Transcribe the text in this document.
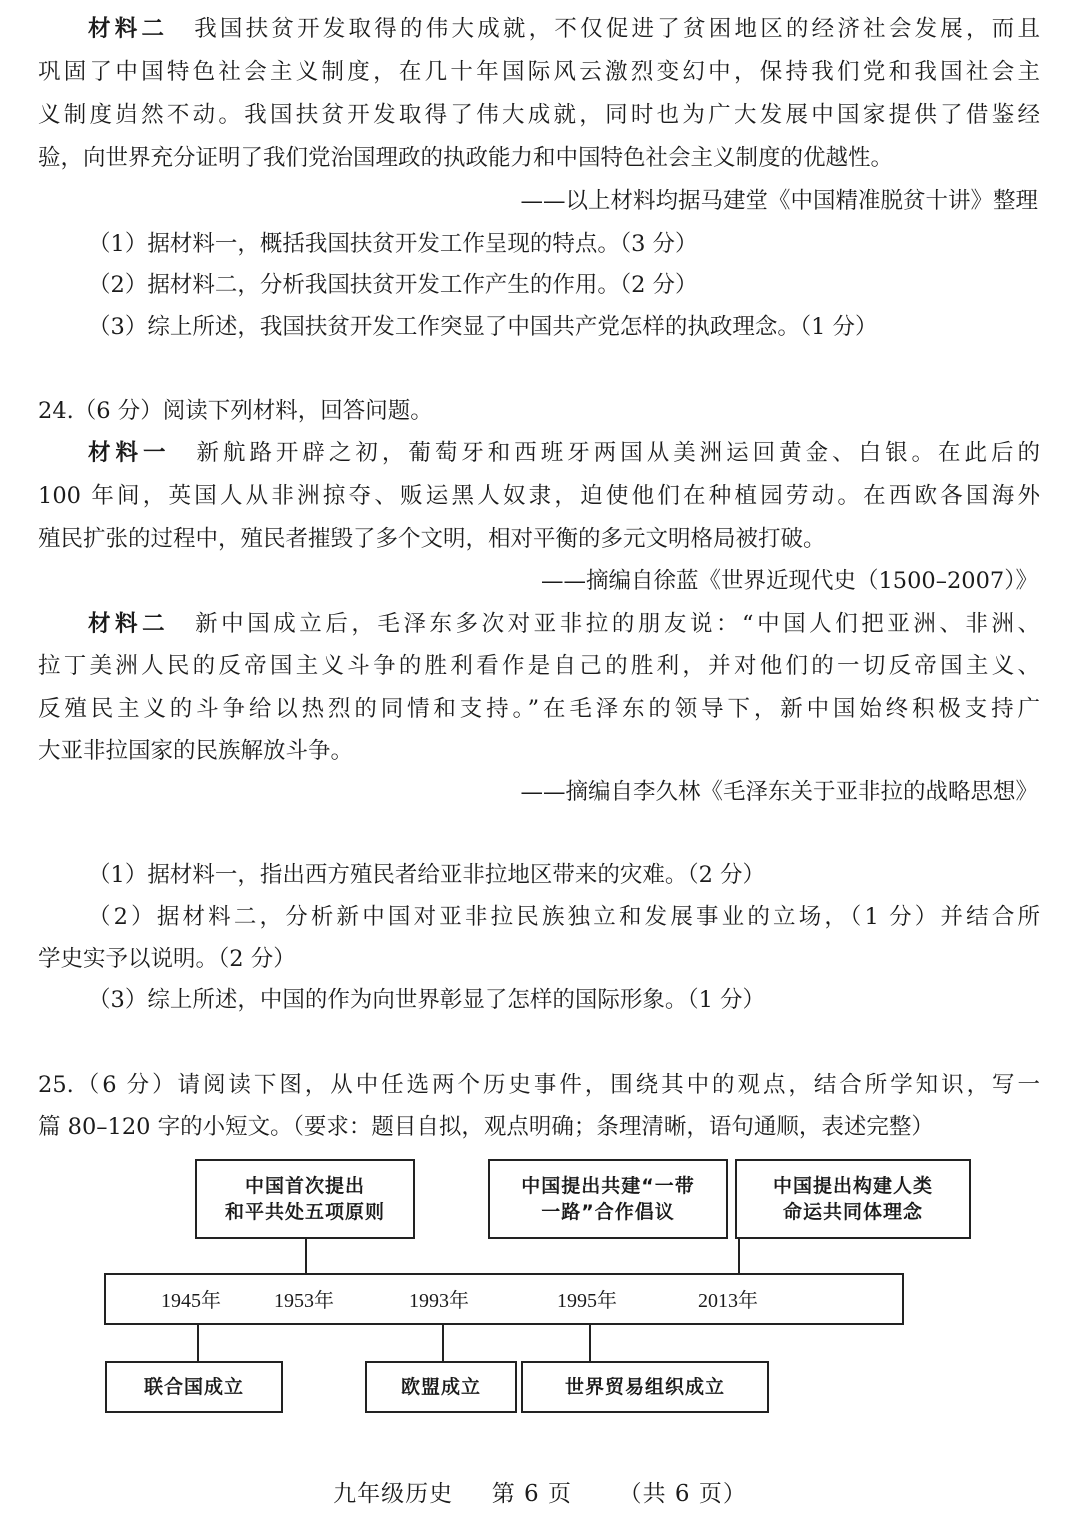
材料二 我国扶贫开发取得的伟大成就，不仅促进了贫困地区的经济社会发展，而且
巩固了中国特色社会主义制度，在几十年国际风云激烈变幻中，保持我们党和我国社会主
义制度岿然不动。我国扶贫开发取得了伟大成就，同时也为广大发展中国家提供了借鉴经
验，向世界充分证明了我们党治国理政的执政能力和中国特色社会主义制度的优越性。
——以上材料均据马建堂《中国精准脱贫十讲》整理
（1）据材料一，概括我国扶贫开发工作呈现的特点。（3 分）
（2）据材料二，分析我国扶贫开发工作产生的作用。（2 分）
（3）综上所述，我国扶贫开发工作突显了中国共产党怎样的执政理念。（1 分）
24.（6 分）阅读下列材料，回答问题。
材料一 新航路开辟之初，葡萄牙和西班牙两国从美洲运回黄金、白银。在此后的
100 年间，英国人从非洲掠夺、贩运黑人奴隶，迫使他们在种植园劳动。在西欧各国海外
殖民扩张的过程中，殖民者摧毁了多个文明，相对平衡的多元文明格局被打破。
——摘编自徐蓝《世界近现代史（1500–2007）》
材料二 新中国成立后，毛泽东多次对亚非拉的朋友说：“中国人们把亚洲、非洲、
拉丁美洲人民的反帝国主义斗争的胜利看作是自己的胜利，并对他们的一切反帝国主义、
反殖民主义的斗争给以热烈的同情和支持。”在毛泽东的领导下，新中国始终积极支持广
大亚非拉国家的民族解放斗争。
——摘编自李久林《毛泽东关于亚非拉的战略思想》
（1）据材料一，指出西方殖民者给亚非拉地区带来的灾难。（2 分）
（2）据材料二，分析新中国对亚非拉民族独立和发展事业的立场，（1 分）并结合所
学史实予以说明。（2 分）
（3）综上所述，中国的作为向世界彰显了怎样的国际形象。（1 分）
25.（6 分）请阅读下图，从中任选两个历史事件，围绕其中的观点，结合所学知识，写一
篇 80–120 字的小短文。（要求：题目自拟，观点明确；条理清晰，语句通顺，表述完整）
中国首次提出
和平共处五项原则
中国提出共建“一带
一路”合作倡议
中国提出构建人类
命运共同体理念
1945年	1953年	1993年	1995年	2013年
联合国成立	欧盟成立	世界贸易组织成立
九年级历史 第 6 页 （共 6 页）
